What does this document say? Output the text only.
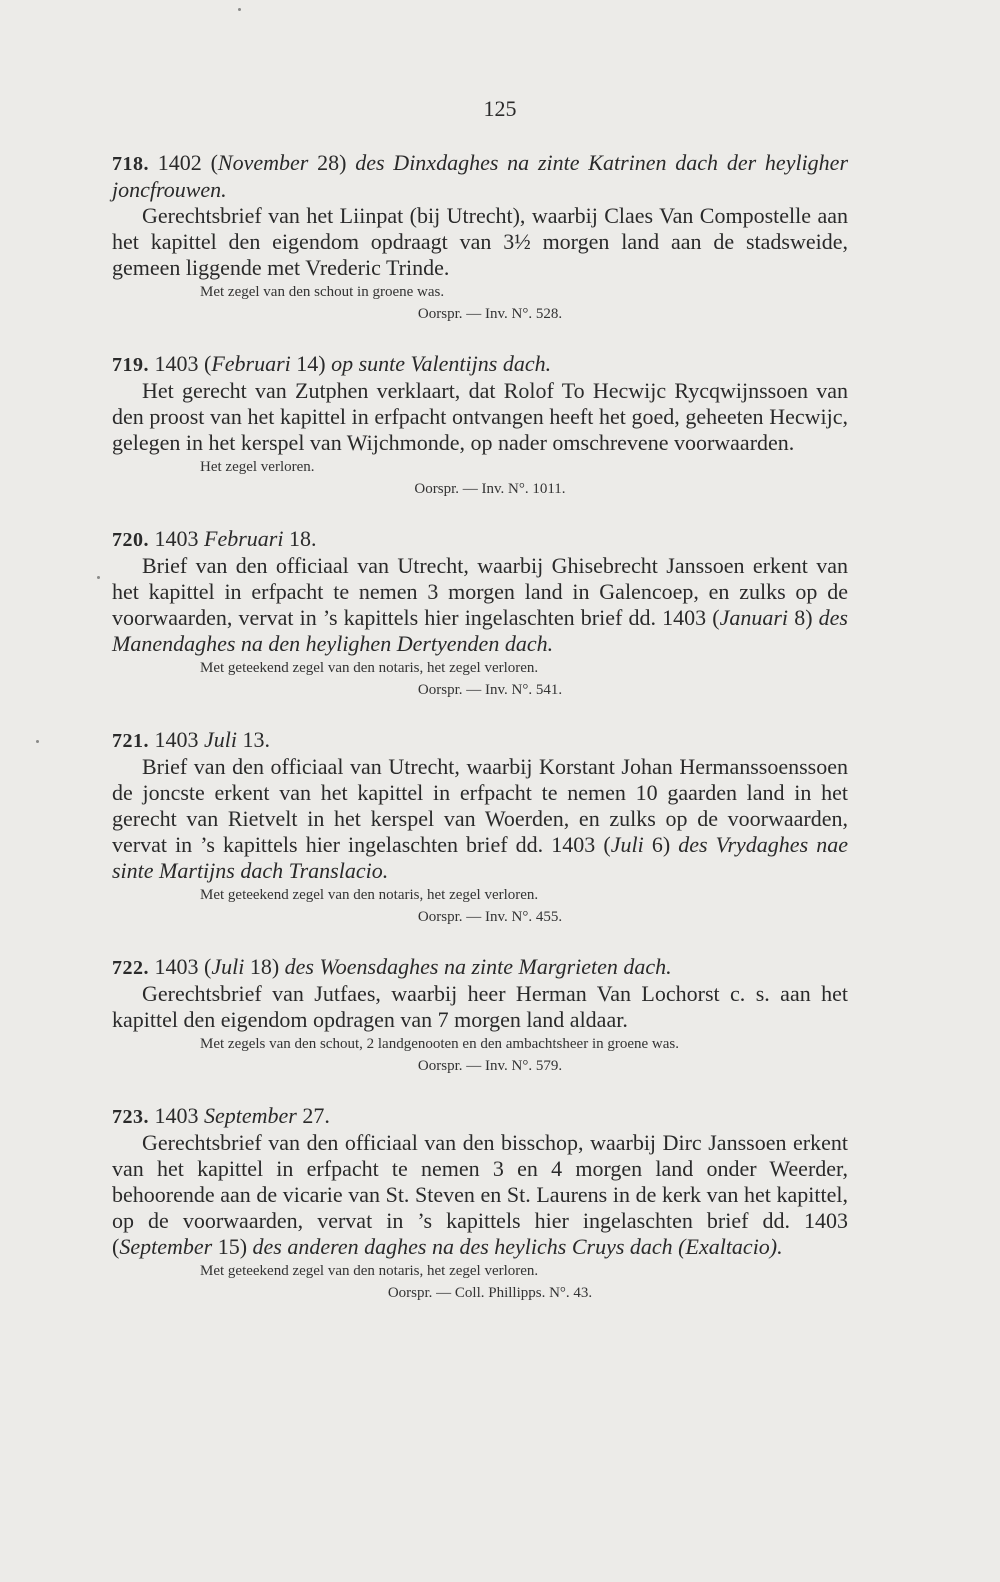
125
718. 1402 (November 28) des Dinxdaghes na zinte Katrinen dach der heyligher joncfrouwen.
Gerechtsbrief van het Liinpat (bij Utrecht), waarbij Claes Van Compostelle aan het kapittel den eigendom opdraagt van 3½ morgen land aan de stadsweide, gemeen liggende met Vrederic Trinde.
Met zegel van den schout in groene was.
Oorspr. — Inv. N°. 528.
719. 1403 (Februari 14) op sunte Valentijns dach.
Het gerecht van Zutphen verklaart, dat Rolof To Hecwijc Rycqwijnssoen van den proost van het kapittel in erfpacht ontvangen heeft het goed, geheeten Hecwijc, gelegen in het kerspel van Wijchmonde, op nader omschrevene voorwaarden.
Het zegel verloren.
Oorspr. — Inv. N°. 1011.
720. 1403 Februari 18.
Brief van den officiaal van Utrecht, waarbij Ghisebrecht Janssoen erkent van het kapittel in erfpacht te nemen 3 morgen land in Galencoep, en zulks op de voorwaarden, vervat in ’s kapittels hier ingelaschten brief dd. 1403 (Januari 8) des Manendaghes na den heylighen Dertyenden dach.
Met geteekend zegel van den notaris, het zegel verloren.
Oorspr. — Inv. N°. 541.
721. 1403 Juli 13.
Brief van den officiaal van Utrecht, waarbij Korstant Johan Hermanssoenssoen de joncste erkent van het kapittel in erfpacht te nemen 10 gaarden land in het gerecht van Rietvelt in het kerspel van Woerden, en zulks op de voorwaarden, vervat in ’s kapittels hier ingelaschten brief dd. 1403 (Juli 6) des Vrydaghes nae sinte Martijns dach Translacio.
Met geteekend zegel van den notaris, het zegel verloren.
Oorspr. — Inv. N°. 455.
722. 1403 (Juli 18) des Woensdaghes na zinte Margrieten dach.
Gerechtsbrief van Jutfaes, waarbij heer Herman Van Lochorst c. s. aan het kapittel den eigendom opdragen van 7 morgen land aldaar.
Met zegels van den schout, 2 landgenooten en den ambachtsheer in groene was.
Oorspr. — Inv. N°. 579.
723. 1403 September 27.
Gerechtsbrief van den officiaal van den bisschop, waarbij Dirc Janssoen erkent van het kapittel in erfpacht te nemen 3 en 4 morgen land onder Weerder, behoorende aan de vicarie van St. Steven en St. Laurens in de kerk van het kapittel, op de voorwaarden, vervat in ’s kapittels hier ingelaschten brief dd. 1403 (September 15) des anderen daghes na des heylichs Cruys dach (Exaltacio).
Met geteekend zegel van den notaris, het zegel verloren.
Oorspr. — Coll. Phillipps. N°. 43.
